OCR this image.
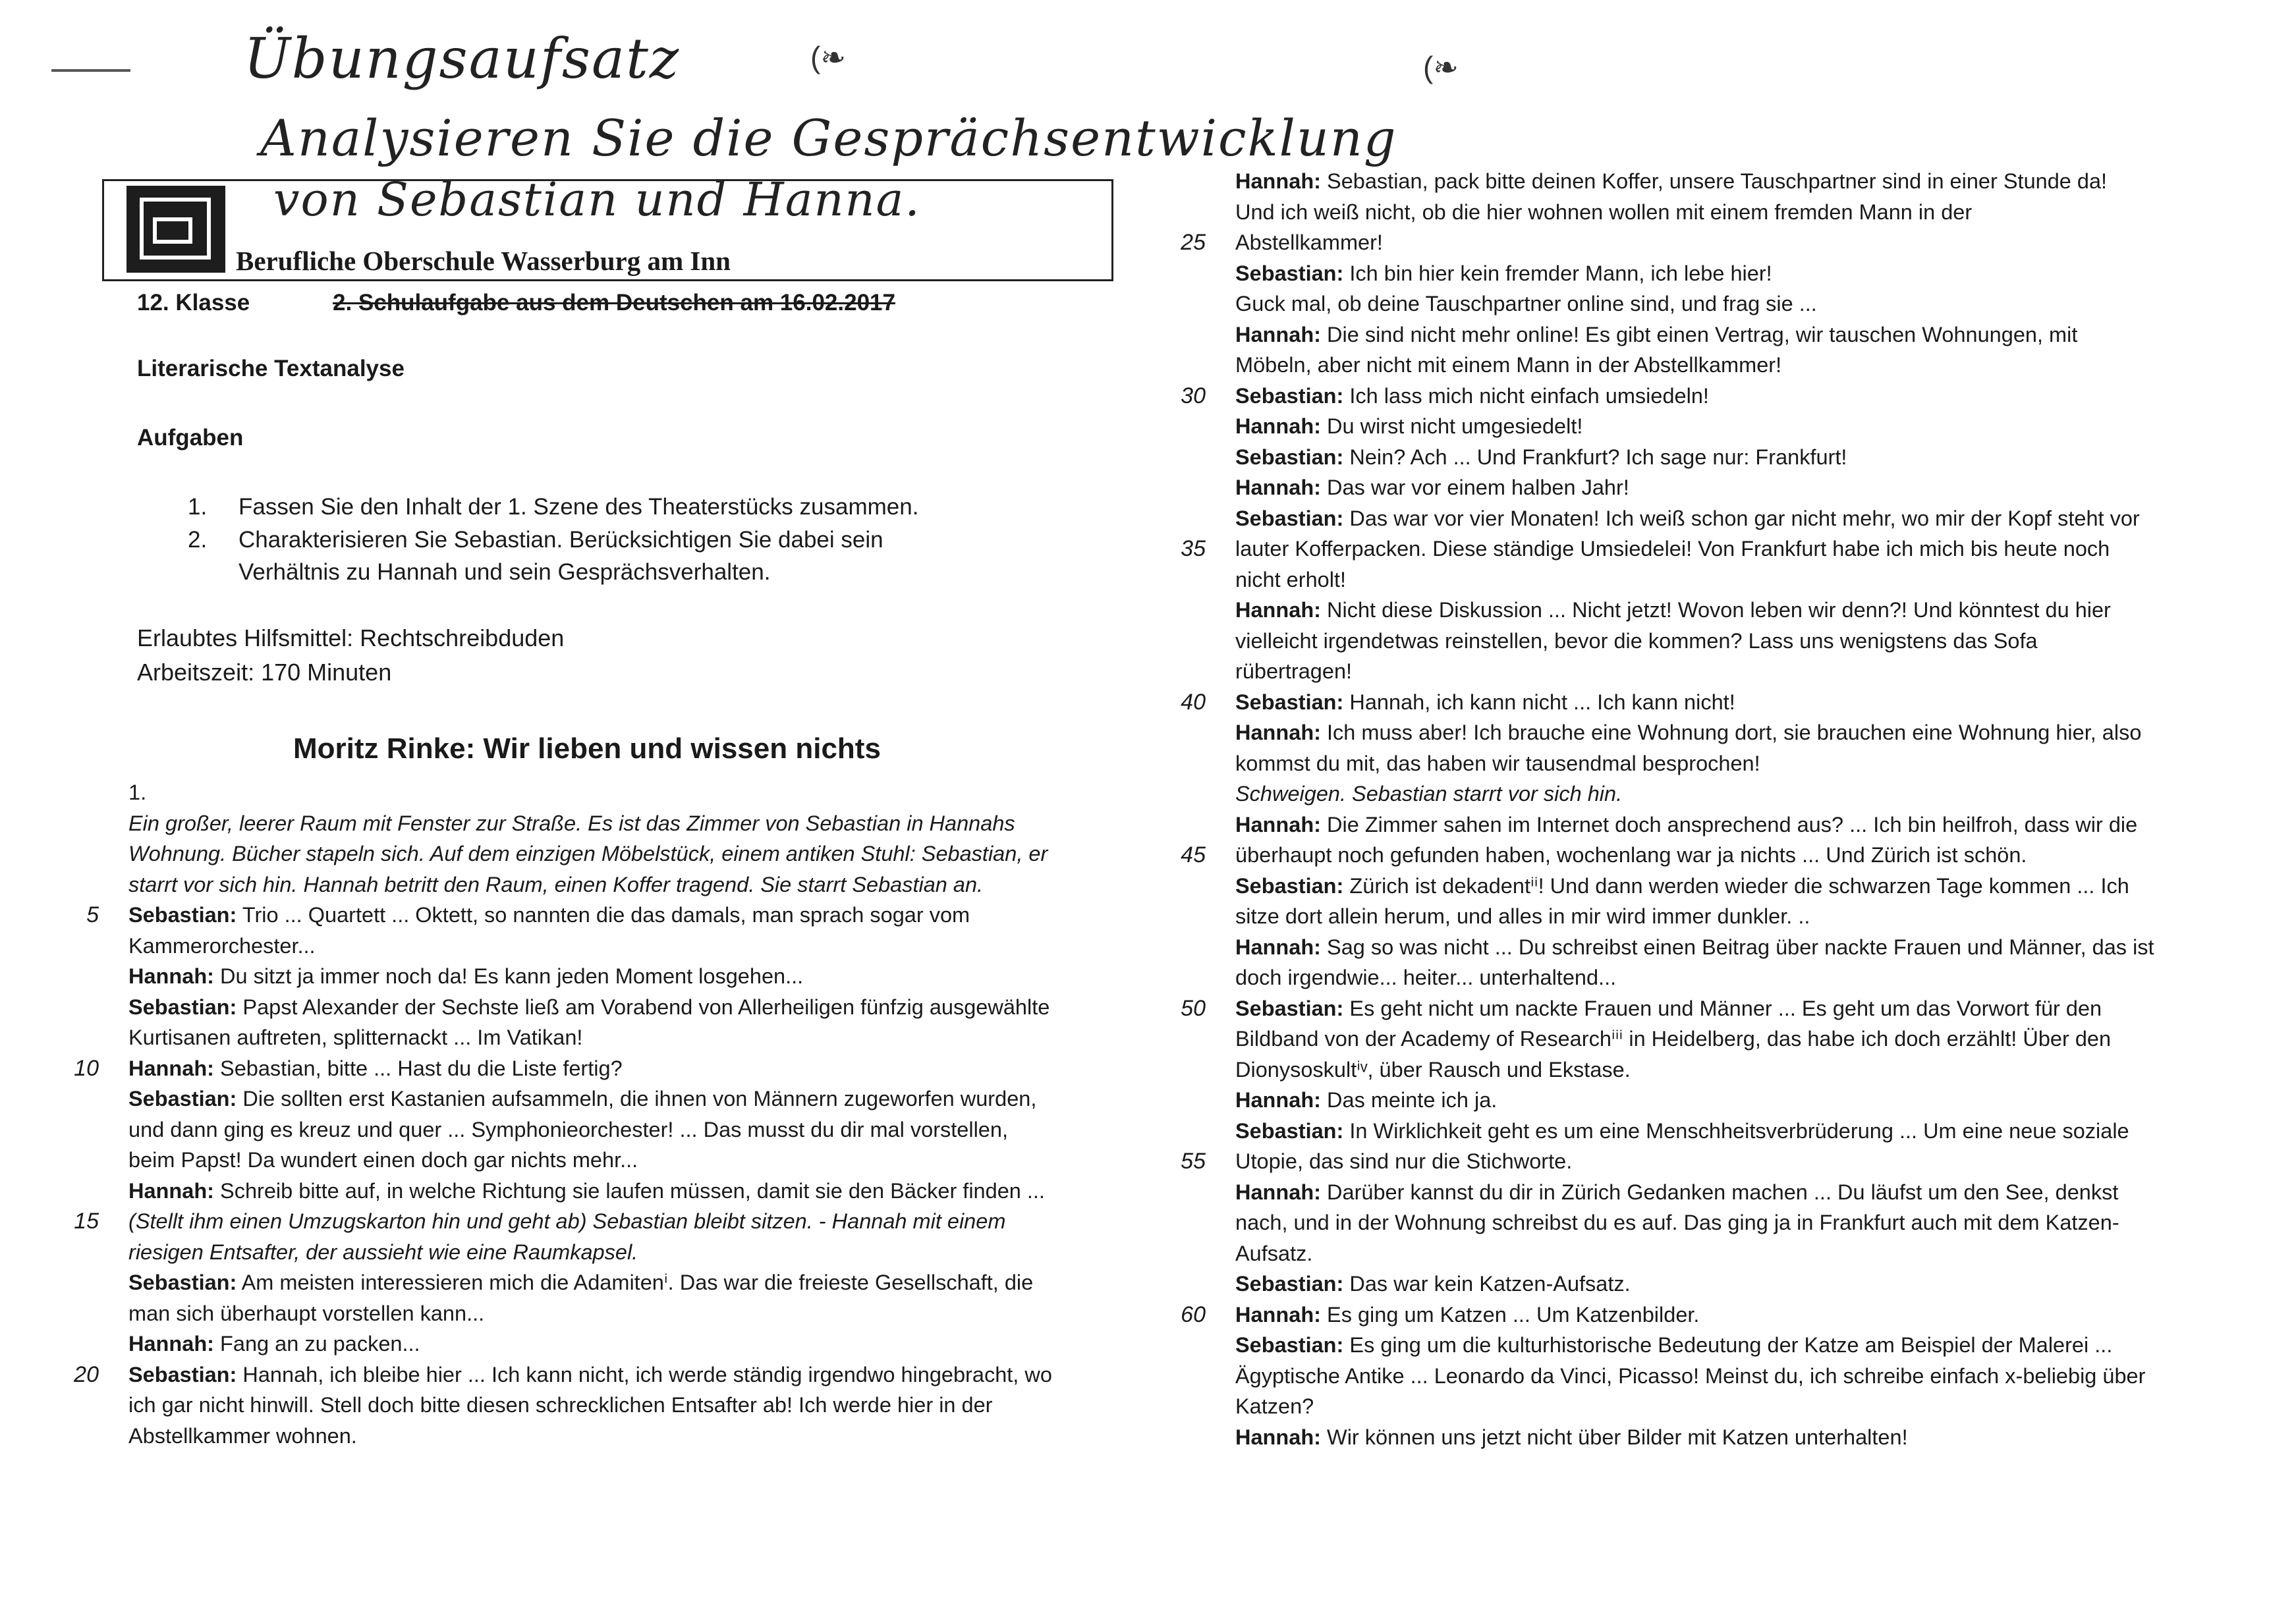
Übungsaufsatz
Analysieren Sie die Gesprächsentwicklung
von Sebastian und Hanna.
(❧	(❧
Berufliche Oberschule Wasserburg am Inn
12. Klasse	2. Schulaufgabe aus dem Deutschen am 16.02.2017
Literarische Textanalyse
Aufgaben
1. Fassen Sie den Inhalt der 1. Szene des Theaterstücks zusammen.
2. Charakterisieren Sie Sebastian. Berücksichtigen Sie dabei sein
Verhältnis zu Hannah und sein Gesprächsverhalten.
Erlaubtes Hilfsmittel: Rechtschreibduden
Arbeitszeit: 170 Minuten
Moritz Rinke: Wir lieben und wissen nichts
1.
Ein großer, leerer Raum mit Fenster zur Straße. Es ist das Zimmer von Sebastian in Hannahs
Wohnung. Bücher stapeln sich. Auf dem einzigen Möbelstück, einem antiken Stuhl: Sebastian, er
starrt vor sich hin. Hannah betritt den Raum, einen Koffer tragend. Sie starrt Sebastian an.
5 Sebastian: Trio ... Quartett ... Oktett, so nannten die das damals, man sprach sogar vom
Kammerorchester...
Hannah: Du sitzt ja immer noch da! Es kann jeden Moment losgehen...
Sebastian: Papst Alexander der Sechste ließ am Vorabend von Allerheiligen fünfzig ausgewählte
Kurtisanen auftreten, splitternackt ... Im Vatikan!
10 Hannah: Sebastian, bitte ... Hast du die Liste fertig?
Sebastian: Die sollten erst Kastanien aufsammeln, die ihnen von Männern zugeworfen wurden,
und dann ging es kreuz und quer ... Symphonieorchester! ... Das musst du dir mal vorstellen,
beim Papst! Da wundert einen doch gar nichts mehr...
Hannah: Schreib bitte auf, in welche Richtung sie laufen müssen, damit sie den Bäcker finden ...
15 (Stellt ihm einen Umzugskarton hin und geht ab) Sebastian bleibt sitzen. - Hannah mit einem
riesigen Entsafter, der aussieht wie eine Raumkapsel.
Sebastian: Am meisten interessieren mich die Adamitenⁱ. Das war die freieste Gesellschaft, die
man sich überhaupt vorstellen kann...
Hannah: Fang an zu packen...
20 Sebastian: Hannah, ich bleibe hier ... Ich kann nicht, ich werde ständig irgendwo hingebracht, wo
ich gar nicht hinwill. Stell doch bitte diesen schrecklichen Entsafter ab! Ich werde hier in der
Abstellkammer wohnen.
Hannah: Sebastian, pack bitte deinen Koffer, unsere Tauschpartner sind in einer Stunde da!
Und ich weiß nicht, ob die hier wohnen wollen mit einem fremden Mann in der
25 Abstellkammer!
Sebastian: Ich bin hier kein fremder Mann, ich lebe hier!
Guck mal, ob deine Tauschpartner online sind, und frag sie ...
Hannah: Die sind nicht mehr online! Es gibt einen Vertrag, wir tauschen Wohnungen, mit
Möbeln, aber nicht mit einem Mann in der Abstellkammer!
30 Sebastian: Ich lass mich nicht einfach umsiedeln!
Hannah: Du wirst nicht umgesiedelt!
Sebastian: Nein? Ach ... Und Frankfurt? Ich sage nur: Frankfurt!
Hannah: Das war vor einem halben Jahr!
Sebastian: Das war vor vier Monaten! Ich weiß schon gar nicht mehr, wo mir der Kopf steht vor
35 lauter Kofferpacken. Diese ständige Umsiedelei! Von Frankfurt habe ich mich bis heute noch
nicht erholt!
Hannah: Nicht diese Diskussion ... Nicht jetzt! Wovon leben wir denn?! Und könntest du hier
vielleicht irgendetwas reinstellen, bevor die kommen? Lass uns wenigstens das Sofa
rübertragen!
40 Sebastian: Hannah, ich kann nicht ... Ich kann nicht!
Hannah: Ich muss aber! Ich brauche eine Wohnung dort, sie brauchen eine Wohnung hier, also
kommst du mit, das haben wir tausendmal besprochen!
Schweigen. Sebastian starrt vor sich hin.
Hannah: Die Zimmer sahen im Internet doch ansprechend aus? ... Ich bin heilfroh, dass wir die
45 überhaupt noch gefunden haben, wochenlang war ja nichts ... Und Zürich ist schön.
Sebastian: Zürich ist dekadentⁱⁱ! Und dann werden wieder die schwarzen Tage kommen ... Ich
sitze dort allein herum, und alles in mir wird immer dunkler. ..
Hannah: Sag so was nicht ... Du schreibst einen Beitrag über nackte Frauen und Männer, das ist
doch irgendwie... heiter... unterhaltend...
50 Sebastian: Es geht nicht um nackte Frauen und Männer ... Es geht um das Vorwort für den
Bildband von der Academy of Researchⁱⁱⁱ in Heidelberg, das habe ich doch erzählt! Über den
Dionysoskultⁱᵛ, über Rausch und Ekstase.
Hannah: Das meinte ich ja.
Sebastian: In Wirklichkeit geht es um eine Menschheitsverbrüderung ... Um eine neue soziale
55 Utopie, das sind nur die Stichworte.
Hannah: Darüber kannst du dir in Zürich Gedanken machen ... Du läufst um den See, denkst
nach, und in der Wohnung schreibst du es auf. Das ging ja in Frankfurt auch mit dem Katzen-
Aufsatz.
Sebastian: Das war kein Katzen-Aufsatz.
60 Hannah: Es ging um Katzen ... Um Katzenbilder.
Sebastian: Es ging um die kulturhistorische Bedeutung der Katze am Beispiel der Malerei ...
Ägyptische Antike ... Leonardo da Vinci, Picasso! Meinst du, ich schreibe einfach x-beliebig über
Katzen?
Hannah: Wir können uns jetzt nicht über Bilder mit Katzen unterhalten!
